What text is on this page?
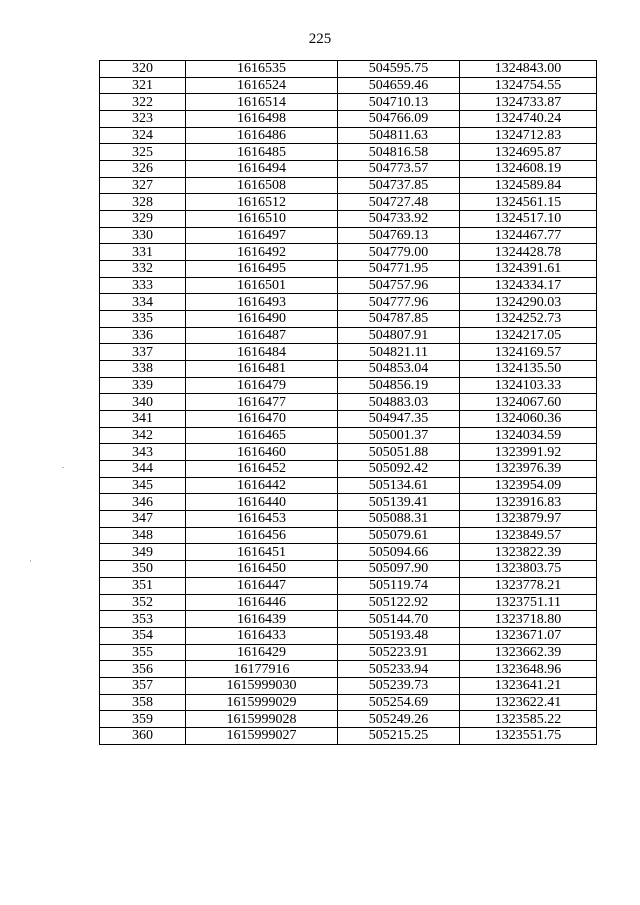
225
320	1616535	504595.75	1324843.00
321	1616524	504659.46	1324754.55
322	1616514	504710.13	1324733.87
323	1616498	504766.09	1324740.24
324	1616486	504811.63	1324712.83
325	1616485	504816.58	1324695.87
326	1616494	504773.57	1324608.19
327	1616508	504737.85	1324589.84
328	1616512	504727.48	1324561.15
329	1616510	504733.92	1324517.10
330	1616497	504769.13	1324467.77
331	1616492	504779.00	1324428.78
332	1616495	504771.95	1324391.61
333	1616501	504757.96	1324334.17
334	1616493	504777.96	1324290.03
335	1616490	504787.85	1324252.73
336	1616487	504807.91	1324217.05
337	1616484	504821.11	1324169.57
338	1616481	504853.04	1324135.50
339	1616479	504856.19	1324103.33
340	1616477	504883.03	1324067.60
341	1616470	504947.35	1324060.36
342	1616465	505001.37	1324034.59
343	1616460	505051.88	1323991.92
344	1616452	505092.42	1323976.39
345	1616442	505134.61	1323954.09
346	1616440	505139.41	1323916.83
347	1616453	505088.31	1323879.97
348	1616456	505079.61	1323849.57
349	1616451	505094.66	1323822.39
350	1616450	505097.90	1323803.75
351	1616447	505119.74	1323778.21
352	1616446	505122.92	1323751.11
353	1616439	505144.70	1323718.80
354	1616433	505193.48	1323671.07
355	1616429	505223.91	1323662.39
356	16177916	505233.94	1323648.96
357	1615999030	505239.73	1323641.21
358	1615999029	505254.69	1323622.41
359	1615999028	505249.26	1323585.22
360	1615999027	505215.25	1323551.75
